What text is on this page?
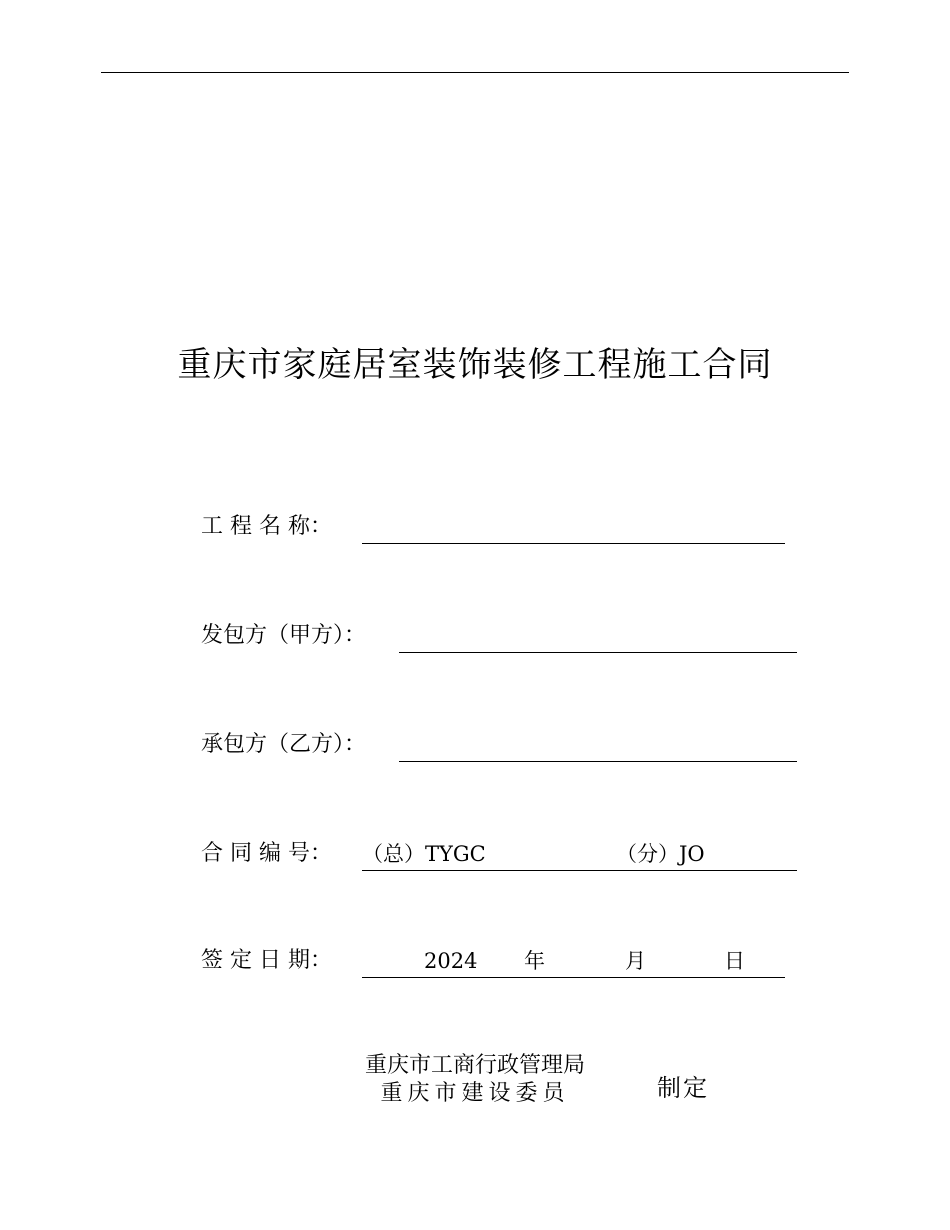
重庆市家庭居室装饰装修工程施工合同
工 程 名 称：
发包方（甲方）：
承包方（乙方）：
合 同 编 号： （总）TYGC	（分）JO
签 定 日 期：	2024 年	月	日
重庆市工商行政管理局
重庆市建设委员	制定
